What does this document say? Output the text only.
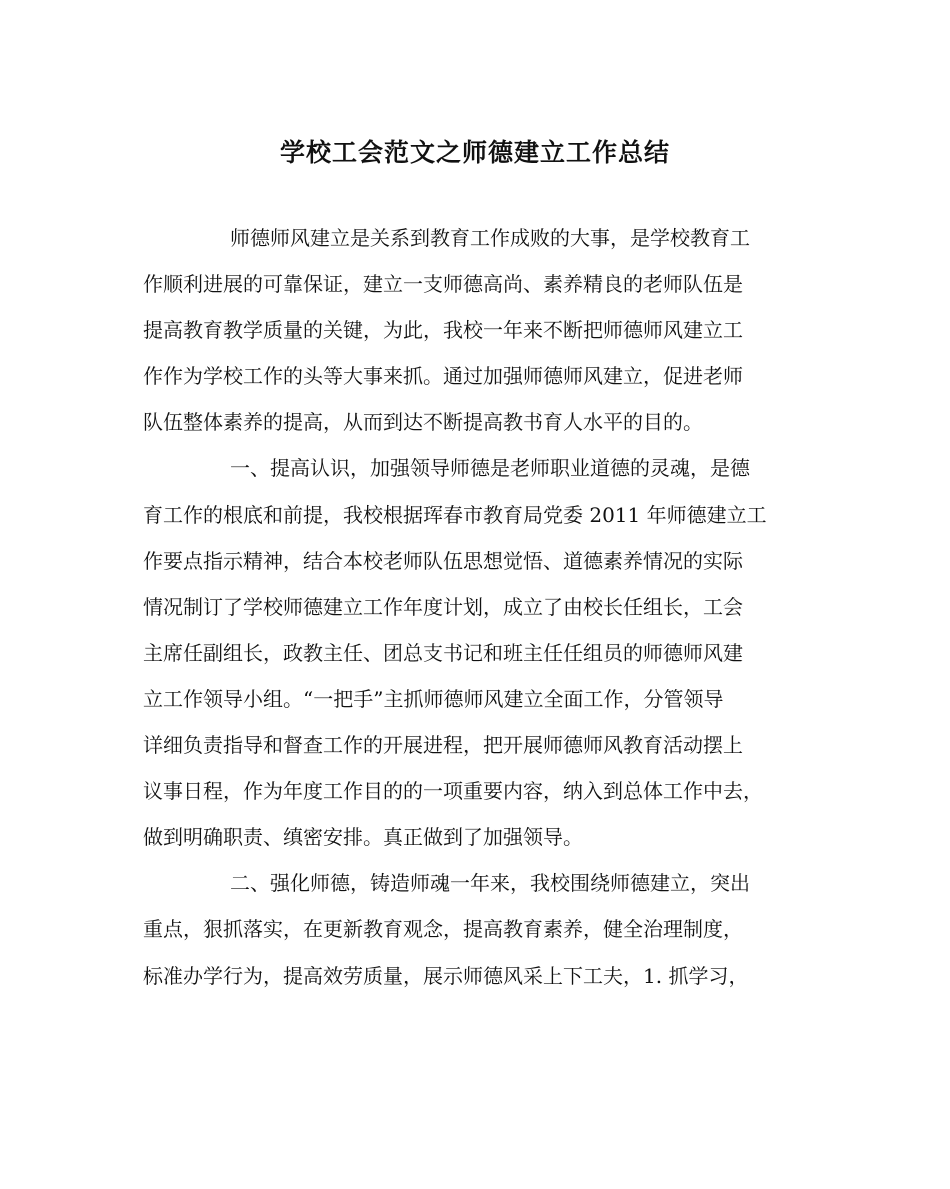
学校工会范文之师德建立工作总结
师德师风建立是关系到教育工作成败的大事，是学校教育工
作顺利进展的可靠保证，建立一支师德高尚、素养精良的老师队伍是
提高教育教学质量的关键，为此，我校一年来不断把师德师风建立工
作作为学校工作的头等大事来抓。通过加强师德师风建立，促进老师
队伍整体素养的提高，从而到达不断提高教书育人水平的目的。
一、提高认识，加强领导师德是老师职业道德的灵魂，是德
育工作的根底和前提，我校根据珲春市教育局党委 2011 年师德建立工
作要点指示精神，结合本校老师队伍思想觉悟、道德素养情况的实际
情况制订了学校师德建立工作年度计划，成立了由校长任组长，工会
主席任副组长，政教主任、团总支书记和班主任任组员的师德师风建
立工作领导小组。“一把手”主抓师德师风建立全面工作，分管领导
详细负责指导和督查工作的开展进程，把开展师德师风教育活动摆上
议事日程，作为年度工作目的的一项重要内容，纳入到总体工作中去，
做到明确职责、缜密安排。真正做到了加强领导。
二、强化师德，铸造师魂一年来，我校围绕师德建立，突出
重点，狠抓落实，在更新教育观念，提高教育素养，健全治理制度，
标准办学行为，提高效劳质量，展示师德风采上下工夫，1. 抓学习，
